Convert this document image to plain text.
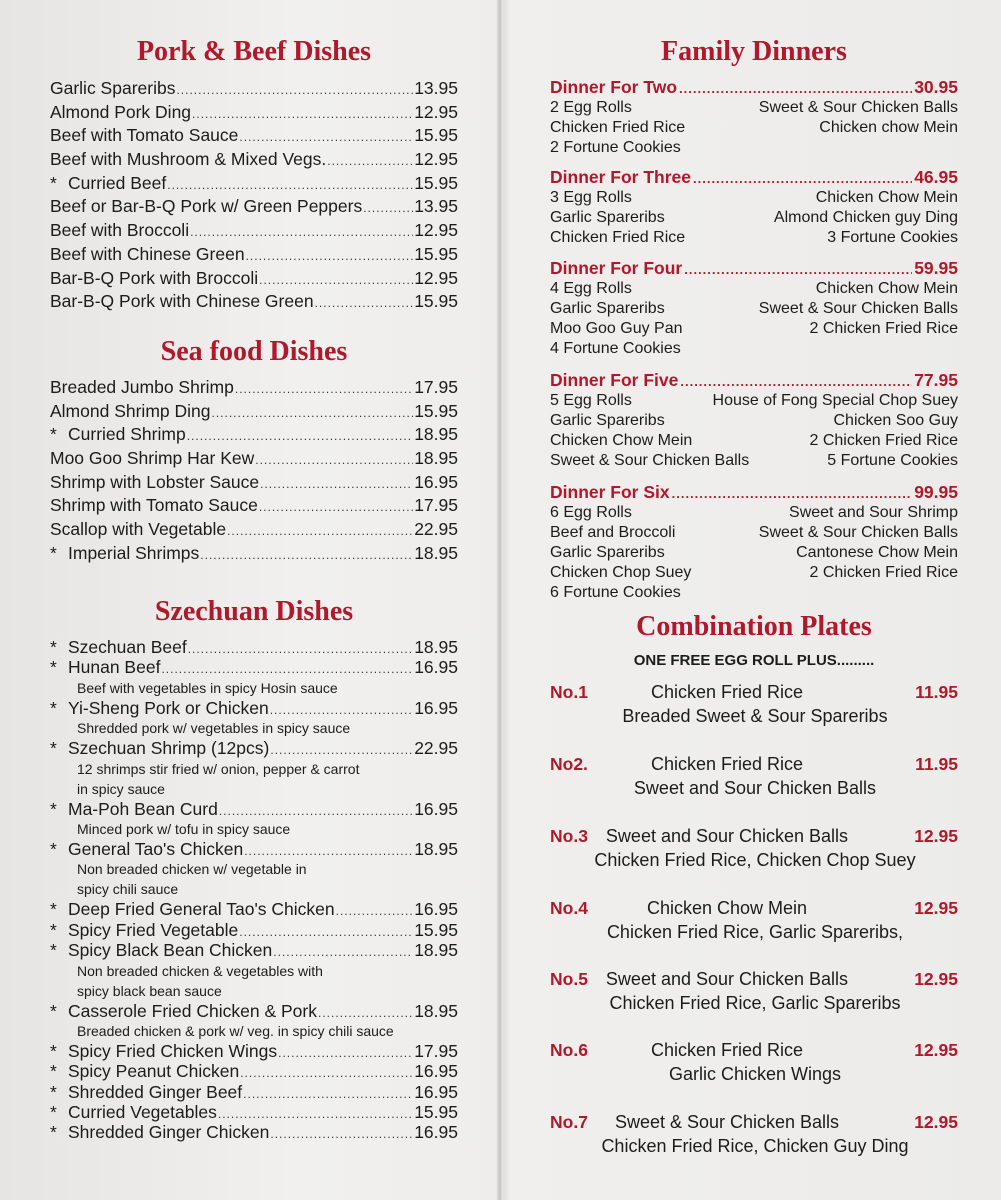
Pork & Beef Dishes
Garlic Spareribs .....	13.95
Almond Pork Ding .....	12.95
Beef with Tomato Sauce .....	15.95
Beef with Mushroom & Mixed Vegs. .....	12.95
* Curried Beef .....	15.95
Beef or Bar-B-Q Pork w/ Green Peppers .....	13.95
Beef with Broccoli .....	12.95
Beef with Chinese Green .....	15.95
Bar-B-Q Pork with Broccoli .....	12.95
Bar-B-Q Pork with Chinese Green .....	15.95
Sea food Dishes
Breaded Jumbo Shrimp .....	17.95
Almond Shrimp Ding .....	15.95
* Curried Shrimp .....	18.95
Moo Goo Shrimp Har Kew .....	18.95
Shrimp with Lobster Sauce .....	16.95
Shrimp with Tomato Sauce .....	17.95
Scallop with Vegetable .....	22.95
* Imperial Shrimps .....	18.95
Szechuan Dishes
* Szechuan Beef .....	18.95
* Hunan Beef .....	16.95
Beef with vegetables in spicy Hosin sauce
* Yi-Sheng Pork or Chicken .....	16.95
Shredded pork w/ vegetables in spicy sauce
* Szechuan Shrimp (12pcs) .....	22.95
12 shrimps stir fried w/ onion, pepper & carrot
in spicy sauce
* Ma-Poh Bean Curd .....	16.95
Minced pork w/ tofu in spicy sauce
* General Tao's Chicken .....	18.95
Non breaded chicken w/ vegetable in
spicy chili sauce
* Deep Fried General Tao's Chicken .....	16.95
* Spicy Fried Vegetable .....	15.95
* Spicy Black Bean Chicken .....	18.95
Non breaded chicken & vegetables with
spicy black bean sauce
* Casserole Fried Chicken & Pork .....	18.95
Breaded chicken & pork w/ veg. in spicy chili sauce
* Spicy Fried Chicken Wings .....	17.95
* Spicy Peanut Chicken .....	16.95
* Shredded Ginger Beef .....	16.95
* Curried Vegetables .....	15.95
* Shredded Ginger Chicken .....	16.95
Family Dinners
Dinner For Two .....	30.95
2 Egg Rolls	Sweet & Sour Chicken Balls
Chicken Fried Rice	Chicken chow Mein
2 Fortune Cookies
Dinner For Three .....	46.95
3 Egg Rolls	Chicken Chow Mein
Garlic Spareribs	Almond Chicken guy Ding
Chicken Fried Rice	3 Fortune Cookies
Dinner For Four .....	59.95
4 Egg Rolls	Chicken Chow Mein
Garlic Spareribs	Sweet & Sour Chicken Balls
Moo Goo Guy Pan	2 Chicken Fried Rice
4 Fortune Cookies
Dinner For Five .....	77.95
5 Egg Rolls	House of Fong Special Chop Suey
Garlic Spareribs	Chicken Soo Guy
Chicken Chow Mein	2 Chicken Fried Rice
Sweet & Sour Chicken Balls	5 Fortune Cookies
Dinner For Six .....	99.95
6 Egg Rolls	Sweet and Sour Shrimp
Beef and Broccoli	Sweet & Sour Chicken Balls
Garlic Spareribs	Cantonese Chow Mein
Chicken Chop Suey	2 Chicken Fried Rice
6 Fortune Cookies
Combination Plates
ONE FREE EGG ROLL PLUS.........
No.1	Chicken Fried Rice	11.95
Breaded Sweet & Sour Spareribs
No2.	Chicken Fried Rice	11.95
Sweet and Sour Chicken Balls
No.3 Sweet and Sour Chicken Balls	12.95
Chicken Fried Rice, Chicken Chop Suey
No.4	Chicken Chow Mein	12.95
Chicken Fried Rice, Garlic Spareribs,
No.5 Sweet and Sour Chicken Balls	12.95
Chicken Fried Rice, Garlic Spareribs
No.6	Chicken Fried Rice	12.95
Garlic Chicken Wings
No.7	Sweet & Sour Chicken Balls	12.95
Chicken Fried Rice, Chicken Guy Ding
